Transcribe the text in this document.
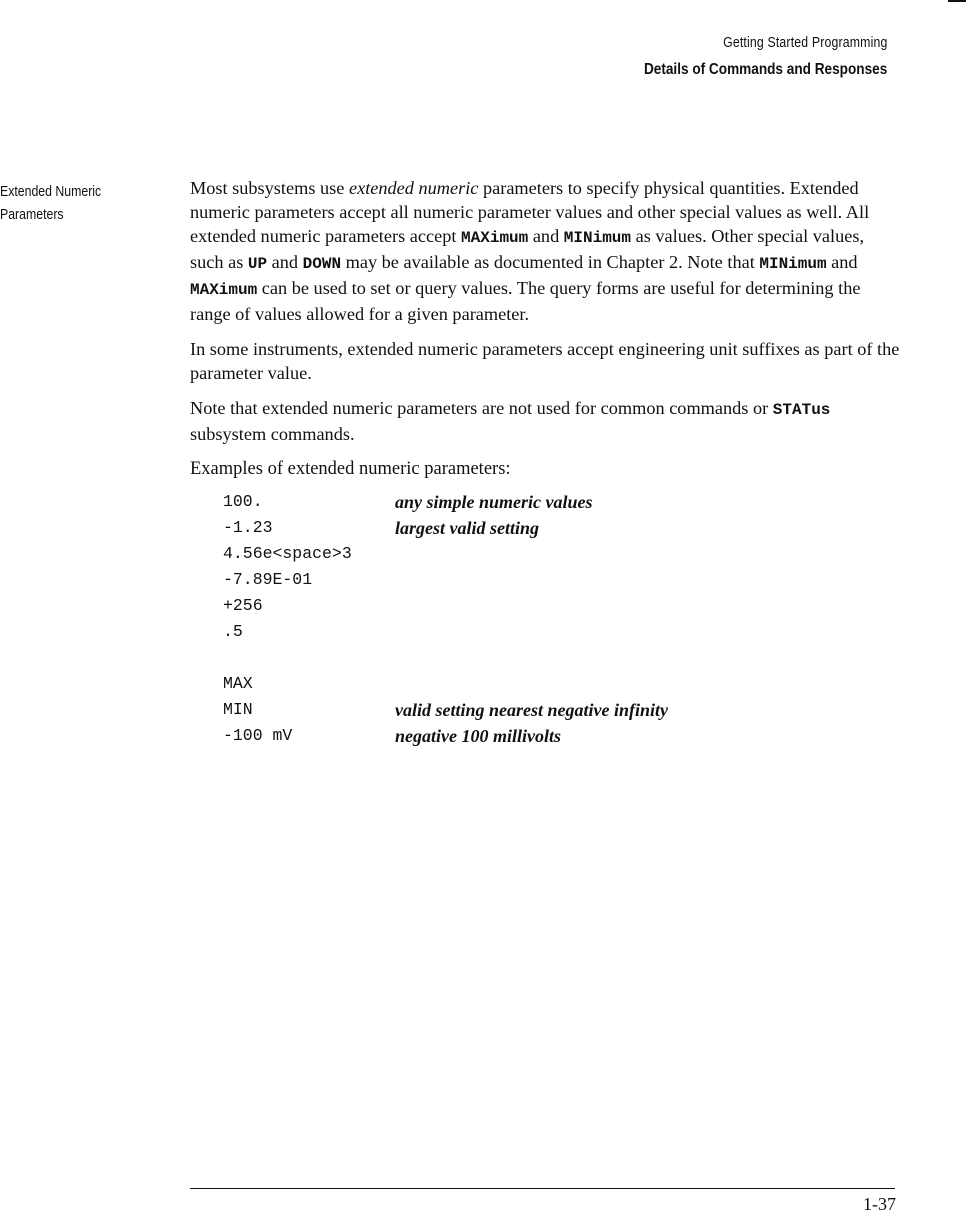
Getting Started Programming
Details of Commands and Responses
Extended Numeric
Parameters

Most subsystems use extended numeric parameters to specify physical quantities. Extended numeric parameters accept all numeric parameter values and other special values as well. All extended numeric parameters accept MAXimum and MINimum as values. Other special values, such as UP and DOWN may be available as documented in Chapter 2. Note that MINimum and MAXimum can be used to set or query values. The query forms are useful for determining the range of values allowed for a given parameter.

In some instruments, extended numeric parameters accept engineering unit suffixes as part of the parameter value.

Note that extended numeric parameters are not used for common commands or STATus subsystem commands.

Examples of extended numeric parameters:
100.	any simple numeric values
-1.23	largest valid setting
4.56e<space>3
-7.89E-01
+256
.5
MAX
MIN	valid setting nearest negative infinity
-100 mV	negative 100 millivolts
1-37
